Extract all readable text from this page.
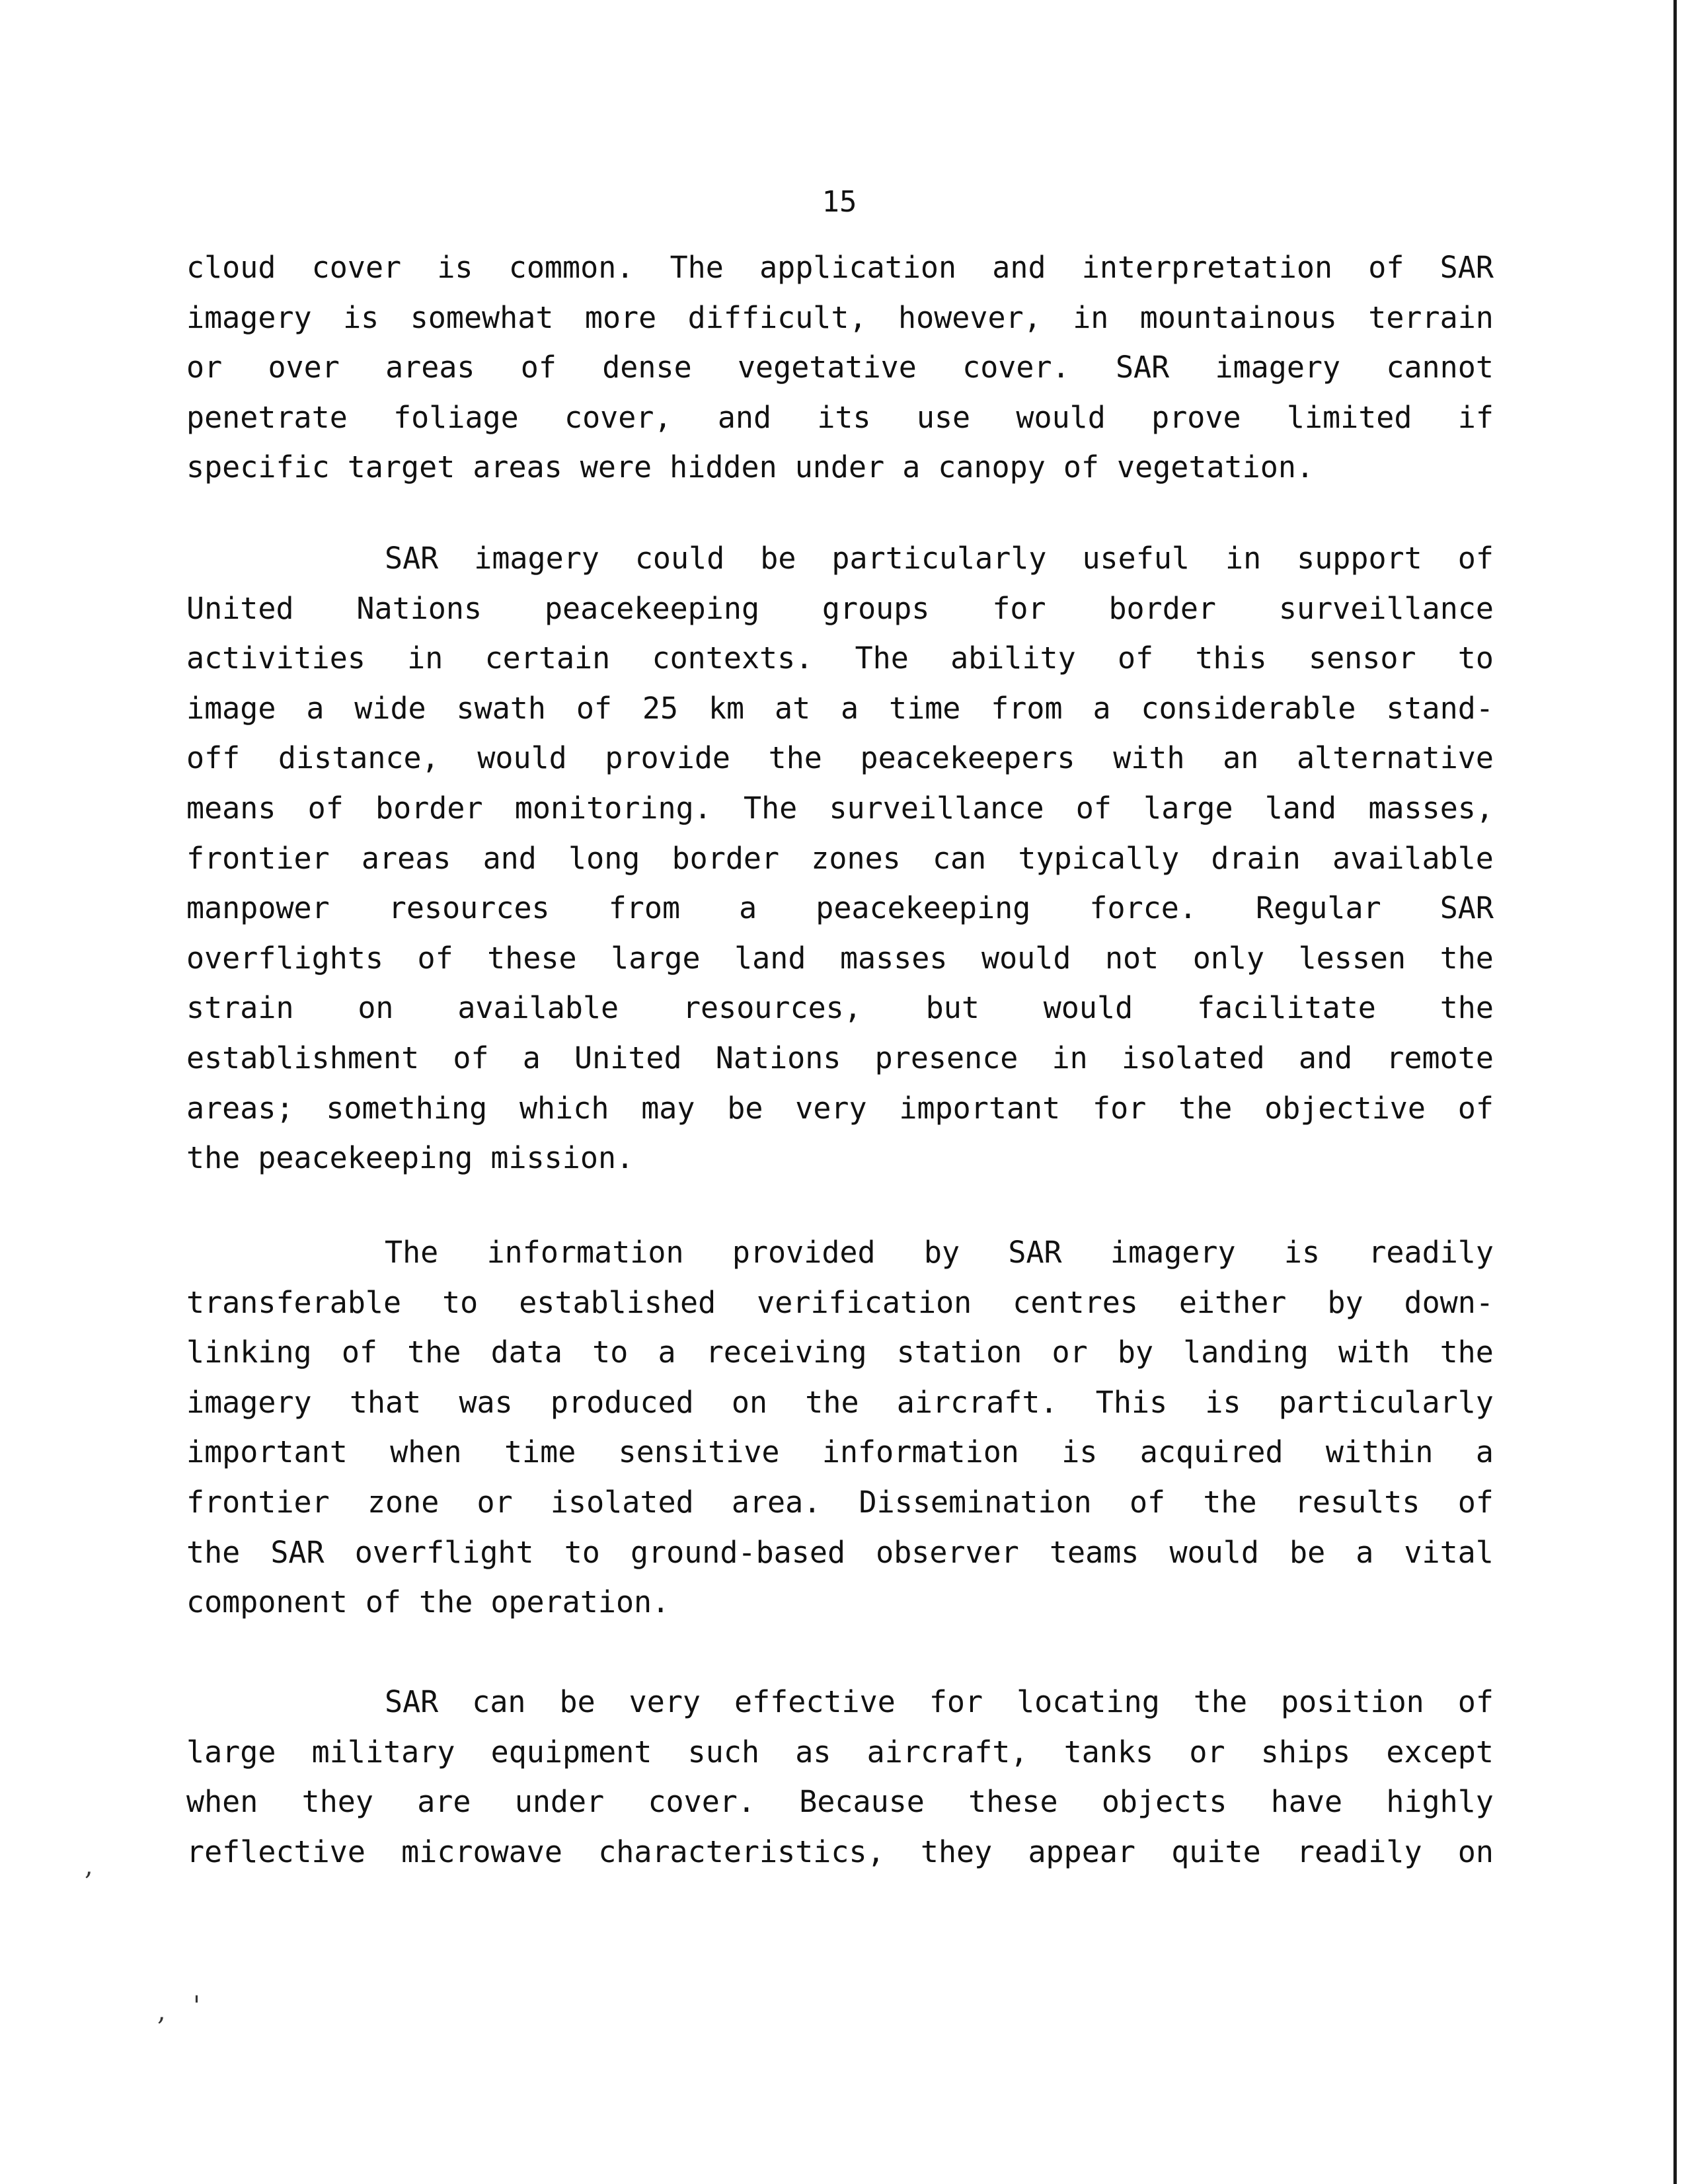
15
cloud cover is common. The application and interpretation of SAR
imagery is somewhat more difficult, however, in mountainous terrain
or over areas of dense vegetative cover. SAR imagery cannot
penetrate foliage cover, and its use would prove limited if
specific target areas were hidden under a canopy of vegetation.
SAR imagery could be particularly useful in support of
United Nations peacekeeping groups for border surveillance
activities in certain contexts. The ability of this sensor to
image a wide swath of 25 km at a time from a considerable stand-
off distance, would provide the peacekeepers with an alternative
means of border monitoring. The surveillance of large land masses,
frontier areas and long border zones can typically drain available
manpower resources from a peacekeeping force. Regular SAR
overflights of these large land masses would not only lessen the
strain on available resources, but would facilitate the
establishment of a United Nations presence in isolated and remote
areas; something which may be very important for the objective of
the peacekeeping mission.
The information provided by SAR imagery is readily
transferable to established verification centres either by down-
linking of the data to a receiving station or by landing with the
imagery that was produced on the aircraft. This is particularly
important when time sensitive information is acquired within a
frontier zone or isolated area. Dissemination of the results of
the SAR overflight to ground-based observer teams would be a vital
component of the operation.
SAR can be very effective for locating the position of
large military equipment such as aircraft, tanks or ships except
when they are under cover. Because these objects have highly
reflective microwave characteristics, they appear quite readily on
,
, '
